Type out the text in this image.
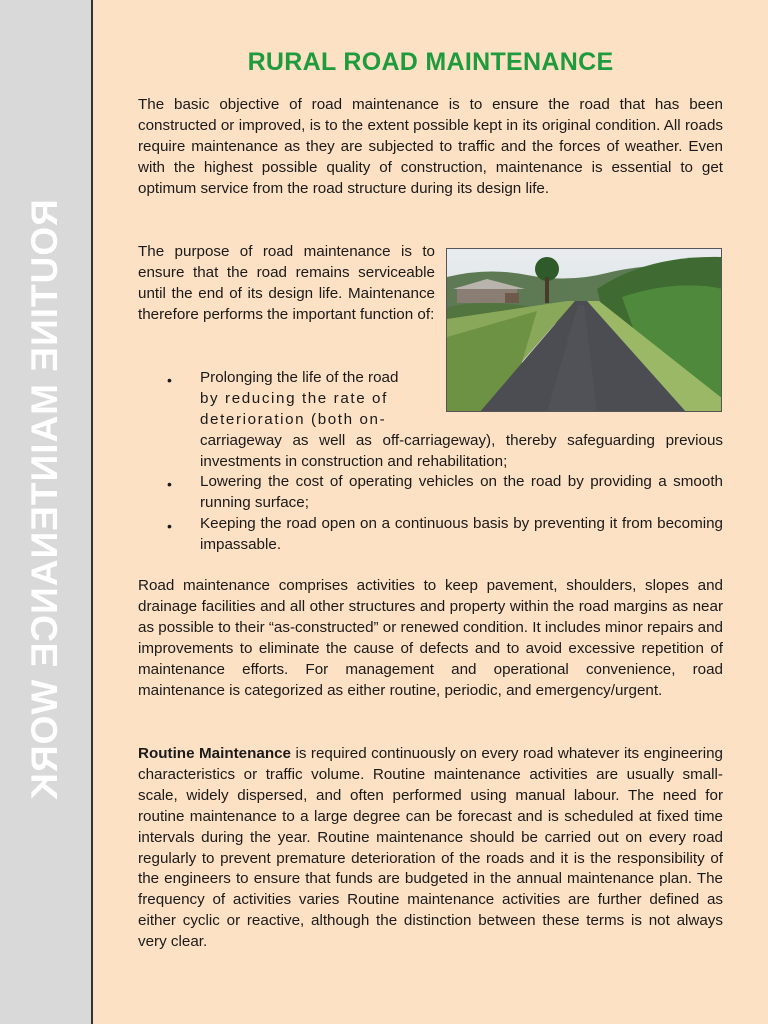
ROUTINE MAINTENANCE WORK
RURAL ROAD MAINTENANCE

The basic objective of road maintenance is to ensure the road that has been constructed or improved, is to the extent possible kept in its original condition. All roads require maintenance as they are subjected to traffic and the forces of weather. Even with the highest possible quality of construction, maintenance is essential to get optimum service from the road structure during its design life.

The purpose of road maintenance is to ensure that the road remains serviceable until the end of its design life. Maintenance therefore performs the important function of:

• Prolonging the life of the road

by reducing the rate of

deterioration (both on-

carriageway as well as off-carriageway), thereby safeguarding previous investments in construction and rehabilitation;

• Lowering the cost of operating vehicles on the road by providing a smooth running surface;

• Keeping the road open on a continuous basis by preventing it from becoming impassable.

Road maintenance comprises activities to keep pavement, shoulders, slopes and drainage facilities and all other structures and property within the road margins as near as possible to their “as-constructed” or renewed condition. It includes minor repairs and improvements to eliminate the cause of defects and to avoid excessive repetition of maintenance efforts. For management and operational convenience, road maintenance is categorized as either routine, periodic, and emergency/urgent.

Routine Maintenance is required continuously on every road whatever its engineering characteristics or traffic volume. Routine maintenance activities are usually small-scale, widely dispersed, and often performed using manual labour. The need for routine maintenance to a large degree can be forecast and is scheduled at fixed time intervals during the year. Routine maintenance should be carried out on every road regularly to prevent premature deterioration of the roads and it is the responsibility of the engineers to ensure that funds are budgeted in the annual maintenance plan. The frequency of activities varies Routine maintenance activities are further defined as either cyclic or reactive, although the distinction between these terms is not always very clear.
